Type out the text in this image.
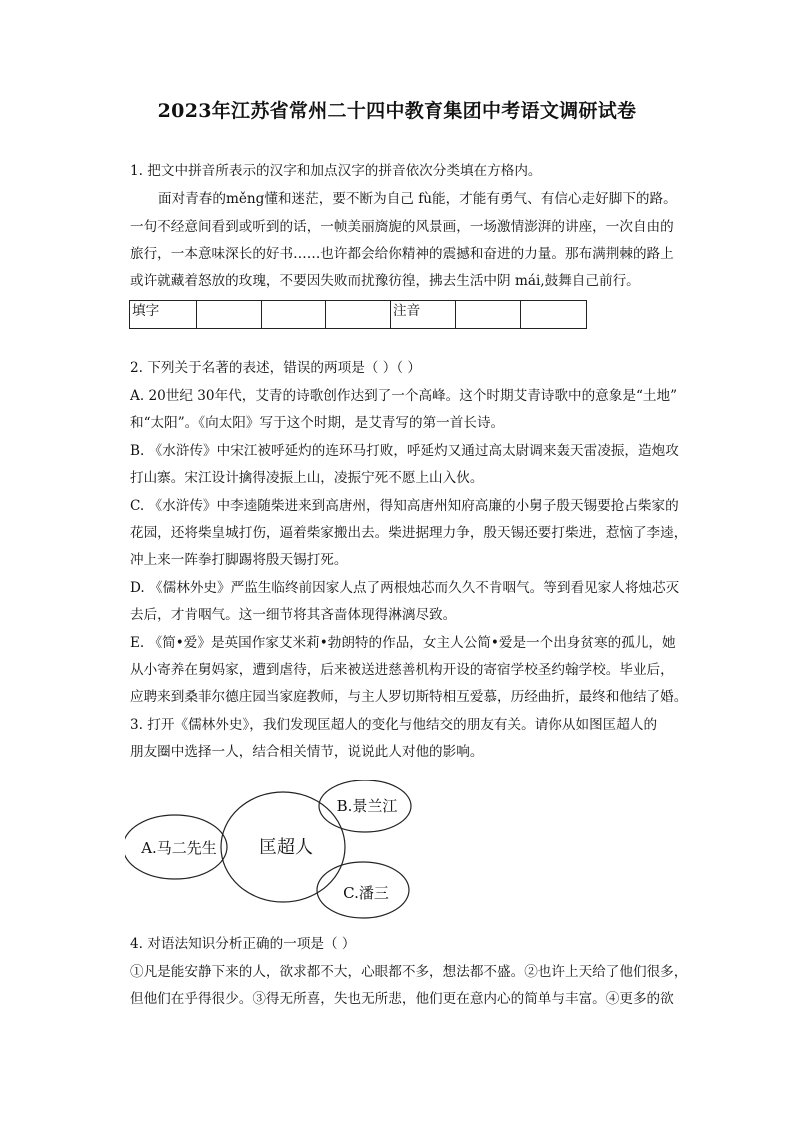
2023年江苏省常州二十四中教育集团中考语文调研试卷
1. 把文中拼音所表示的汉字和加点汉字的拼音依次分类填在方格内。
面对青春的měng懂和迷茫，要不断为自己 fù能，才能有勇气、有信心走好脚下的路。
一句不经意间看到或听到的话，一帧美丽旖旎的风景画，一场激情澎湃的讲座，一次自由的
旅行，一本意味深长的好书……也许都会给你精神的震撼和奋进的力量。那布满荆棘的路上
或许就藏着怒放的玫瑰，不要因失败而扰豫彷徨，拂去生活中阴 mái,鼓舞自己前行。
填字				注音		
2. 下列关于名著的表述，错误的两项是（ ）（ ）
A. 20世纪 30年代，艾青的诗歌创作达到了一个高峰。这个时期艾青诗歌中的意象是“土地”
和“太阳”。《向太阳》写于这个时期，是艾青写的第一首长诗。
B. 《水浒传》中宋江被呼延灼的连环马打败，呼延灼又通过高太尉调来轰天雷凌振，造炮攻
打山寨。宋江设计擒得凌振上山，凌振宁死不愿上山入伙。
C. 《水浒传》中李逵随柴进来到高唐州，得知高唐州知府高廉的小舅子殷天锡要抢占柴家的
花园，还将柴皇城打伤，逼着柴家搬出去。柴进据理力争，殷天锡还要打柴进，惹恼了李逵，
冲上来一阵拳打脚踢将殷天锡打死。
D. 《儒林外史》严监生临终前因家人点了两根烛芯而久久不肯咽气。等到看见家人将烛芯灭
去后，才肯咽气。这一细节将其吝啬体现得淋漓尽致。
E. 《简•爱》是英国作家艾米莉•勃朗特的作品，女主人公简•爱是一个出身贫寒的孤儿，她
从小寄养在舅妈家，遭到虐待，后来被送进慈善机构开设的寄宿学校圣约翰学校。毕业后，
应聘来到桑菲尔德庄园当家庭教师，与主人罗切斯特相互爱慕，历经曲折，最终和他结了婚。
3. 打开《儒林外史》，我们发现匡超人的变化与他结交的朋友有关。请你从如图匡超人的
朋友圈中选择一人，结合相关情节，说说此人对他的影响。
A.马二先生 匡超人
B.景兰江
C.潘三
4. 对语法知识分析正确的一项是（ ）
①凡是能安静下来的人，欲求都不大，心眼都不多，想法都不盛。②也许上天给了他们很多，
但他们在乎得很少。③得无所喜，失也无所悲，他们更在意内心的简单与丰富。④更多的欲
